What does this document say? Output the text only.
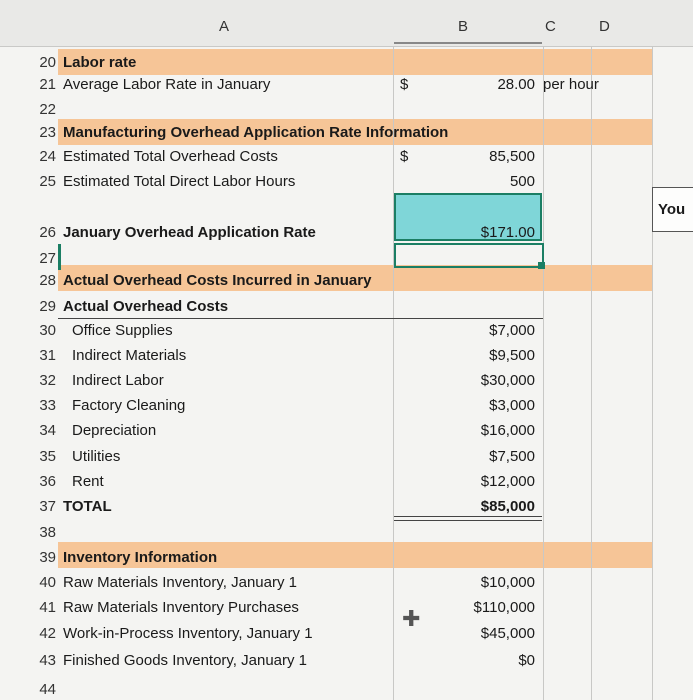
A	B	C	D
You
✚
20 Labor rate
21 Average Labor Rate in January	$	28.00 per hour
22
23 Manufacturing Overhead Application Rate Information
24 Estimated Total Overhead Costs	$	85,500
25 Estimated Total Direct Labor Hours	500
26 January Overhead Application Rate	$171.00
27
28 Actual Overhead Costs Incurred in January
29 Actual Overhead Costs
30 Office Supplies	$7,000
31 Indirect Materials	$9,500
32 Indirect Labor	$30,000
33 Factory Cleaning	$3,000
34 Depreciation	$16,000
35 Utilities	$7,500
36 Rent	$12,000
37 TOTAL	$85,000
38
39 Inventory Information
40 Raw Materials Inventory, January 1	$10,000
41 Raw Materials Inventory Purchases	$110,000
42 Work-in-Process Inventory, January 1	$45,000
43 Finished Goods Inventory, January 1	$0
44
